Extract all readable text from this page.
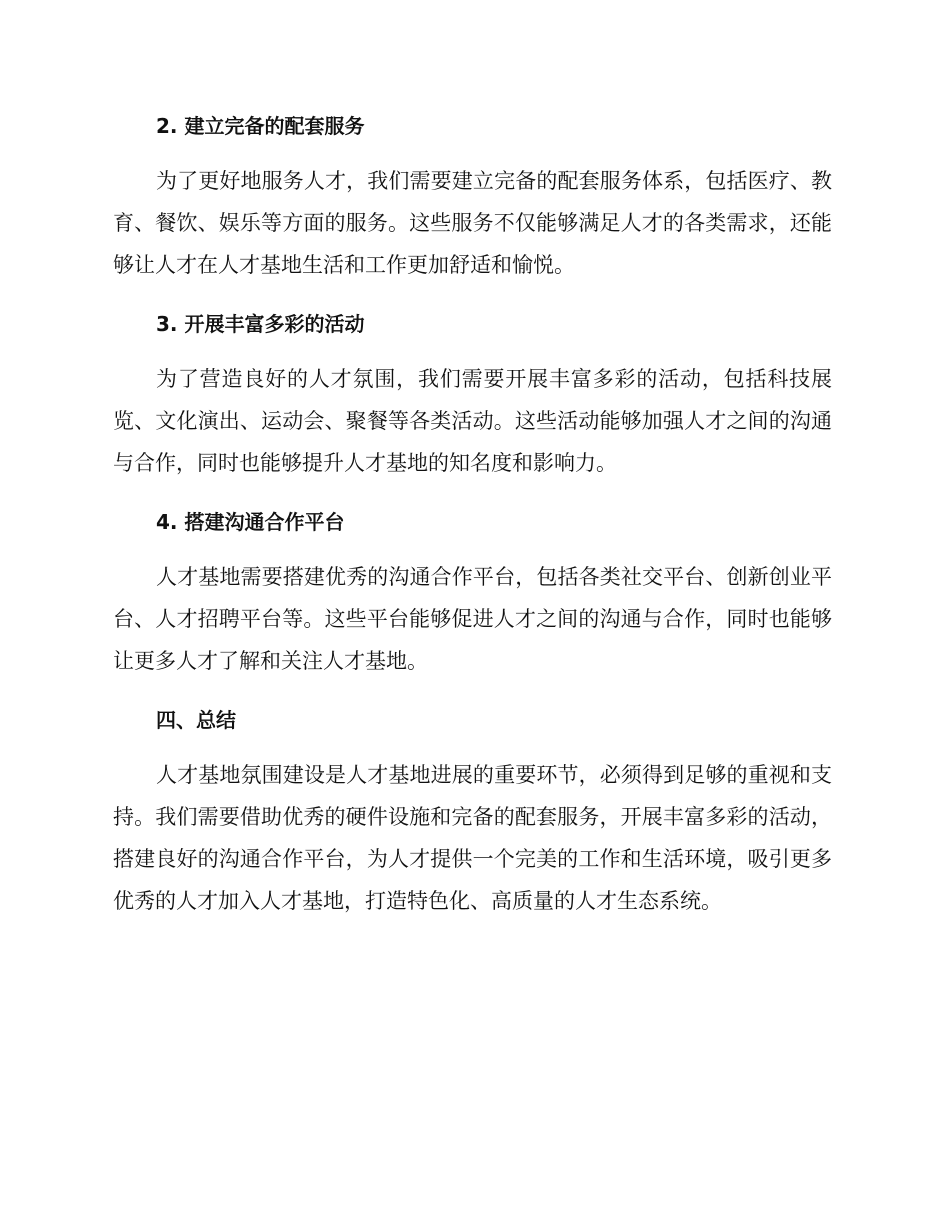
2. 建立完备的配套服务

为了更好地服务人才，我们需要建立完备的配套服务体系，包括医疗、教育、餐饮、娱乐等方面的服务。这些服务不仅能够满足人才的各类需求，还能够让人才在人才基地生活和工作更加舒适和愉悦。

3. 开展丰富多彩的活动

为了营造良好的人才氛围，我们需要开展丰富多彩的活动，包括科技展览、文化演出、运动会、聚餐等各类活动。这些活动能够加强人才之间的沟通与合作，同时也能够提升人才基地的知名度和影响力。

4. 搭建沟通合作平台

人才基地需要搭建优秀的沟通合作平台，包括各类社交平台、创新创业平台、人才招聘平台等。这些平台能够促进人才之间的沟通与合作，同时也能够让更多人才了解和关注人才基地。

四、总结

人才基地氛围建设是人才基地进展的重要环节，必须得到足够的重视和支持。我们需要借助优秀的硬件设施和完备的配套服务，开展丰富多彩的活动，搭建良好的沟通合作平台，为人才提供一个完美的工作和生活环境，吸引更多优秀的人才加入人才基地，打造特色化、高质量的人才生态系统。
